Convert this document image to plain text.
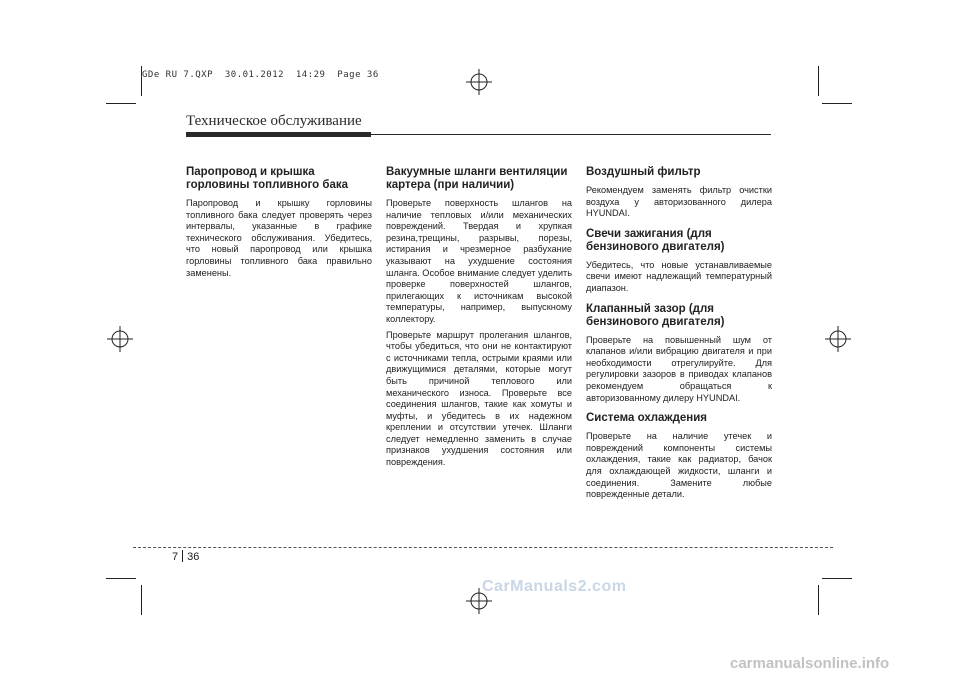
GDe RU 7.QXP  30.01.2012  14:29  Page 36
Техническое обслуживание
Паропровод и крышка горловины топливного бака

Паропровод и крышку горловины топливного бака следует проверять через интервалы, указанные в графике технического обслуживания. Убедитесь, что новый паропровод или крышка горловины топливного бака правильно заменены.

Вакуумные шланги вентиляции картера (при наличии)

Проверьте поверхность шлангов на наличие тепловых и/или механических повреждений. Твердая и хрупкая резина,трещины, разрывы, порезы, истирания и чрезмерное разбухание указывают на ухудшение состояния шланга. Особое внимание следует уделить проверке поверхностей шлангов, прилегающих к источникам высокой температуры, например, выпускному коллектору.

Проверьте маршрут пролегания шлангов, чтобы убедиться, что они не контактируют с источниками тепла, острыми краями или движущимися деталями, которые могут быть причиной теплового или механического износа. Проверьте все соединения шлангов, такие как хомуты и муфты, и убедитесь в их надежном креплении и отсутствии утечек. Шланги следует немедленно заменить в случае признаков ухудшения состояния или повреждения.

Воздушный фильтр

Рекомендуем заменять фильтр очистки воздуха у авторизованного дилера HYUNDAI.

Свечи зажигания (для бензинового двигателя)

Убедитесь, что новые устанавливаемые свечи имеют надлежащий температурный диапазон.

Клапанный зазор (для бензинового двигателя)

Проверьте на повышенный шум от клапанов и/или вибрацию двигателя и при необходимости отрегулируйте. Для регулировки зазоров в приводах клапанов рекомендуем обращаться к авторизованному дилеру HYUNDAI.

Система охлаждения

Проверьте на наличие утечек и повреждений компоненты системы охлаждения, такие как радиатор, бачок для охлаждающей жидкости, шланги и соединения. Замените любые поврежденные детали.

7 36
CarManuals2.com
carmanualsonline.info
